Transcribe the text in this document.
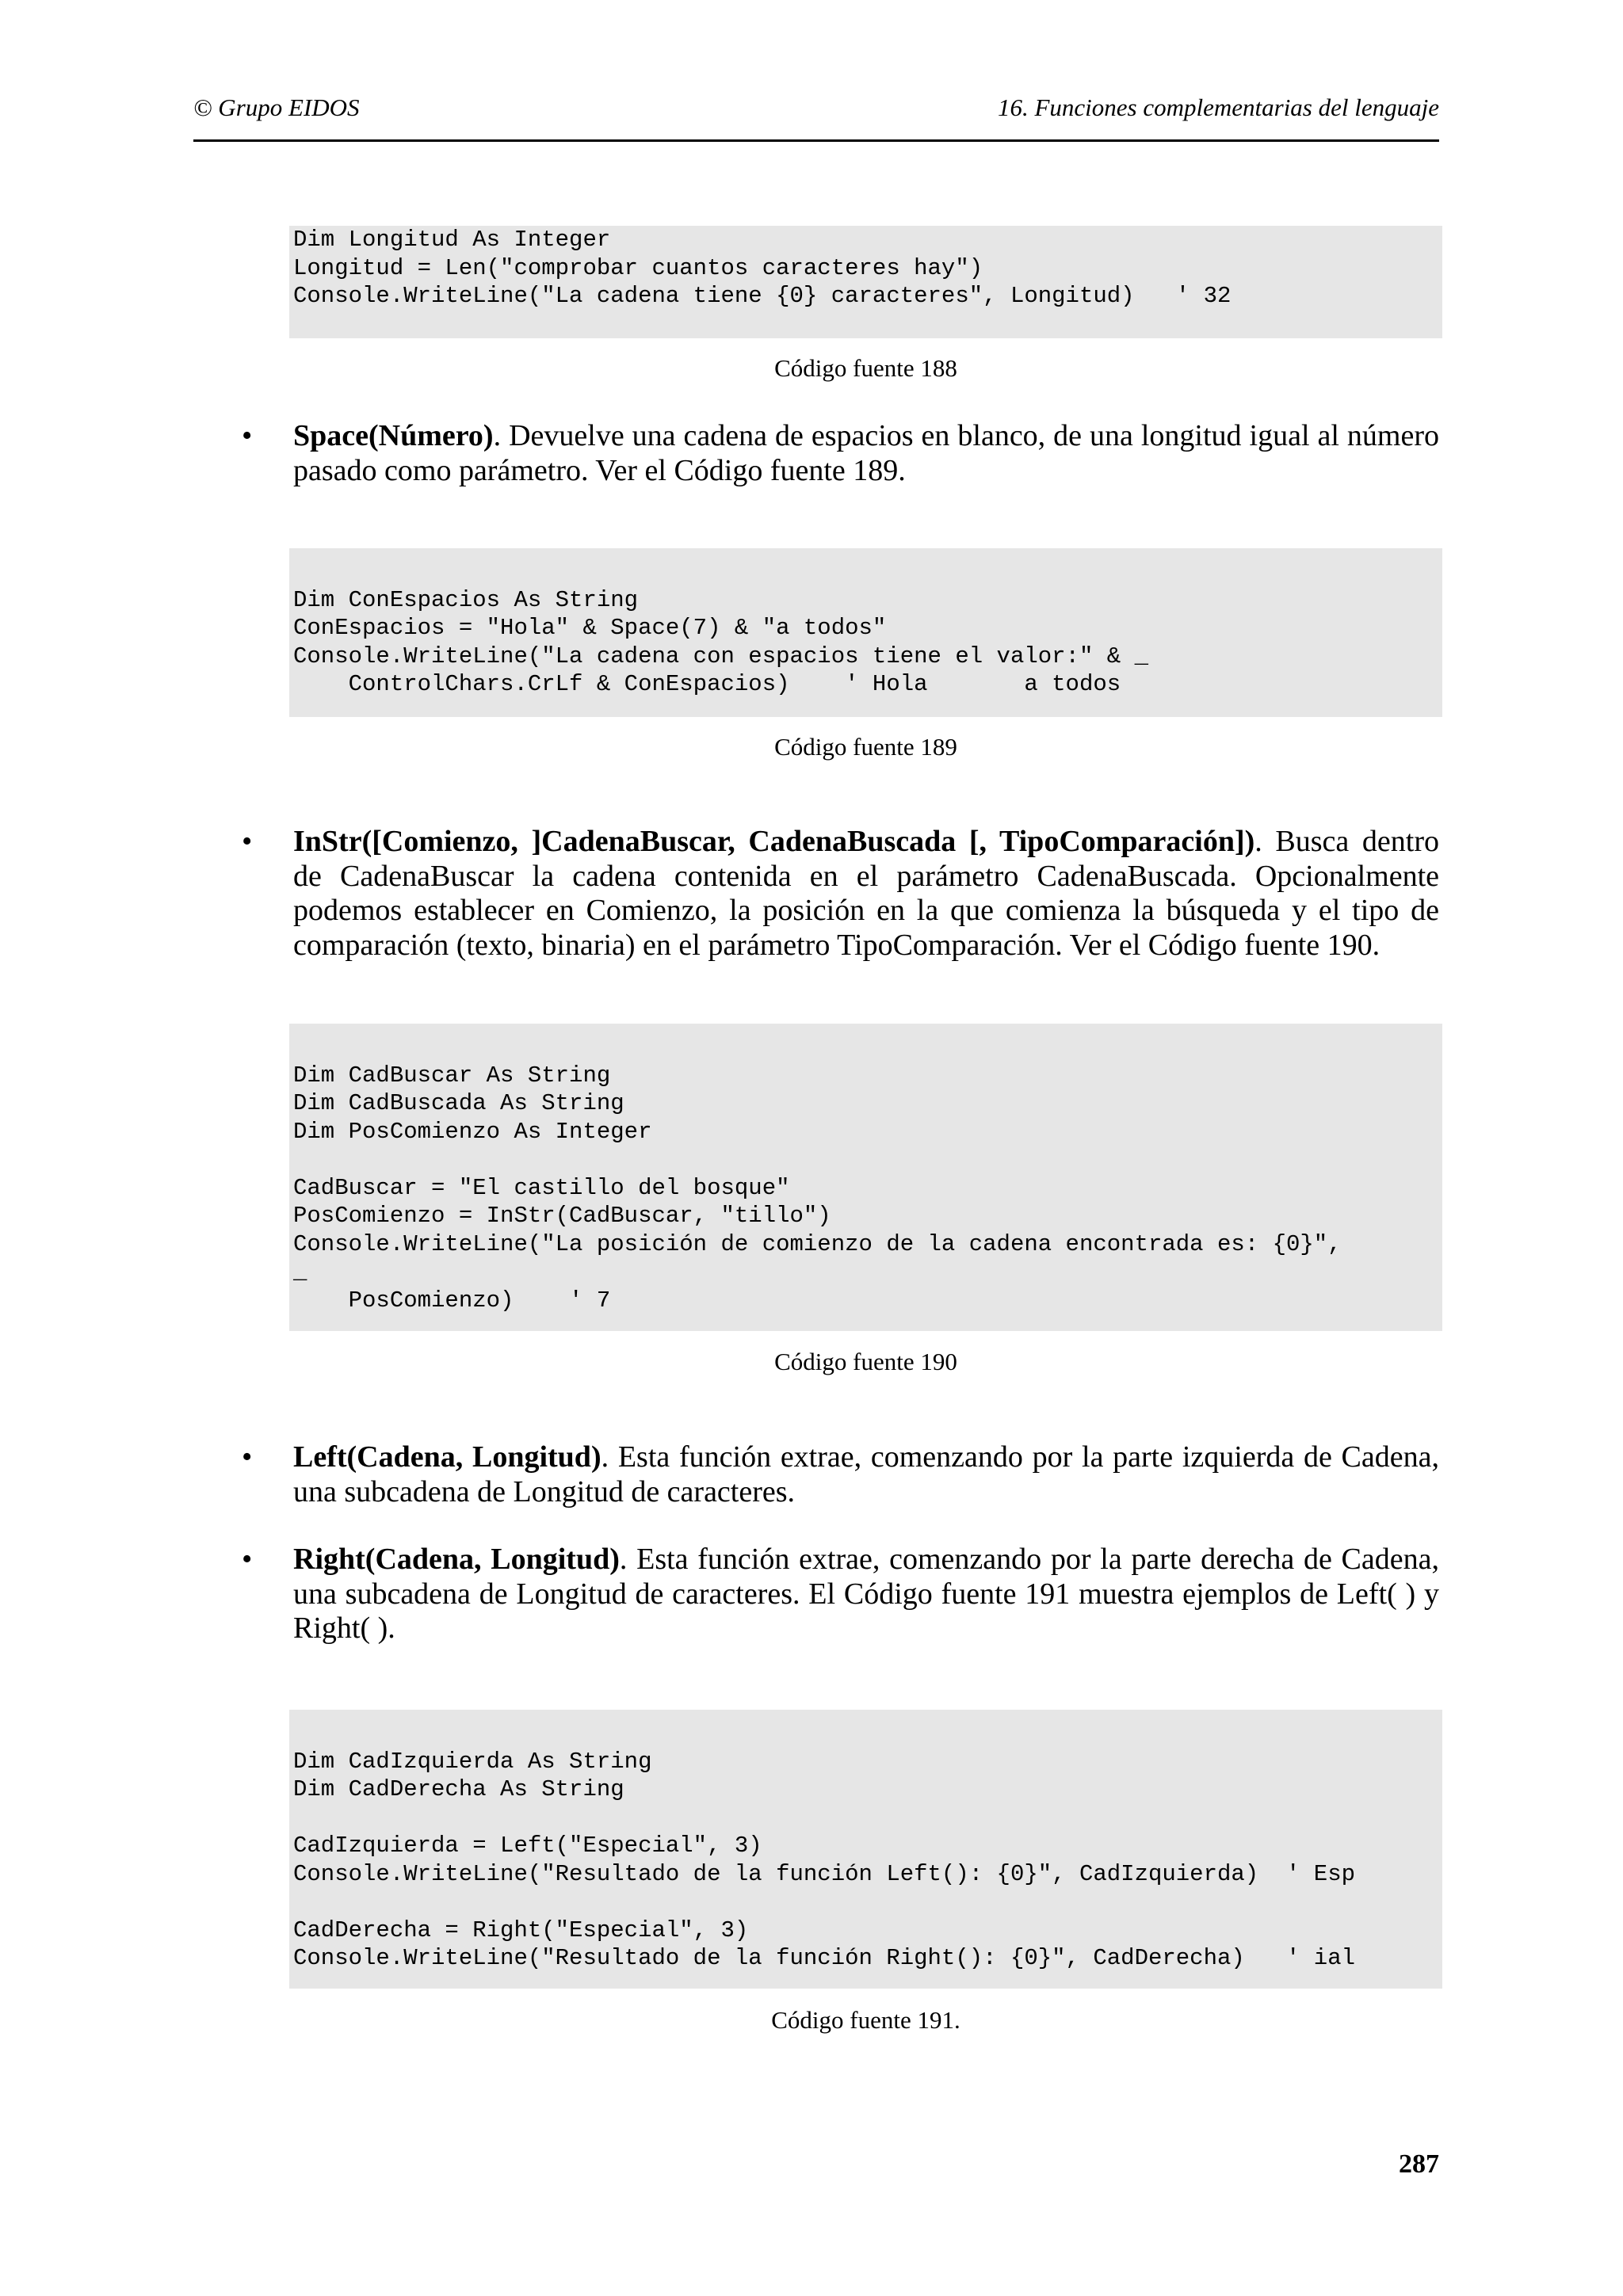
© Grupo EIDOS	16. Funciones complementarias del lenguaje
Dim Longitud As Integer
Longitud = Len("comprobar cuantos caracteres hay")
Console.WriteLine("La cadena tiene {0} caracteres", Longitud)   ' 32
Código fuente 188
• Space(Número). Devuelve una cadena de espacios en blanco, de una longitud igual al número pasado como parámetro. Ver el Código fuente 189.
Dim ConEspacios As String
ConEspacios = "Hola" & Space(7) & "a todos"
Console.WriteLine("La cadena con espacios tiene el valor:" & _
ControlChars.CrLf & ConEspacios)    ' Hola       a todos
Código fuente 189
• InStr([Comienzo, ]CadenaBuscar, CadenaBuscada [, TipoComparación]). Busca dentro de CadenaBuscar la cadena contenida en el parámetro CadenaBuscada. Opcionalmente podemos establecer en Comienzo, la posición en la que comienza la búsqueda y el tipo de comparación (texto, binaria) en el parámetro TipoComparación. Ver el Código fuente 190.
Dim CadBuscar As String
Dim CadBuscada As String
Dim PosComienzo As Integer
CadBuscar = "El castillo del bosque"
PosComienzo = InStr(CadBuscar, "tillo")
Console.WriteLine("La posición de comienzo de la cadena encontrada es: {0}",
_
PosComienzo)    ' 7
Código fuente 190
• Left(Cadena, Longitud). Esta función extrae, comenzando por la parte izquierda de Cadena, una subcadena de Longitud de caracteres.
• Right(Cadena, Longitud). Esta función extrae, comenzando por la parte derecha de Cadena, una subcadena de Longitud de caracteres. El Código fuente 191 muestra ejemplos de Left( ) y Right( ).
Dim CadIzquierda As String
Dim CadDerecha As String
CadIzquierda = Left("Especial", 3)
Console.WriteLine("Resultado de la función Left(): {0}", CadIzquierda)  ' Esp
CadDerecha = Right("Especial", 3)
Console.WriteLine("Resultado de la función Right(): {0}", CadDerecha)   ' ial
Código fuente 191.
287
